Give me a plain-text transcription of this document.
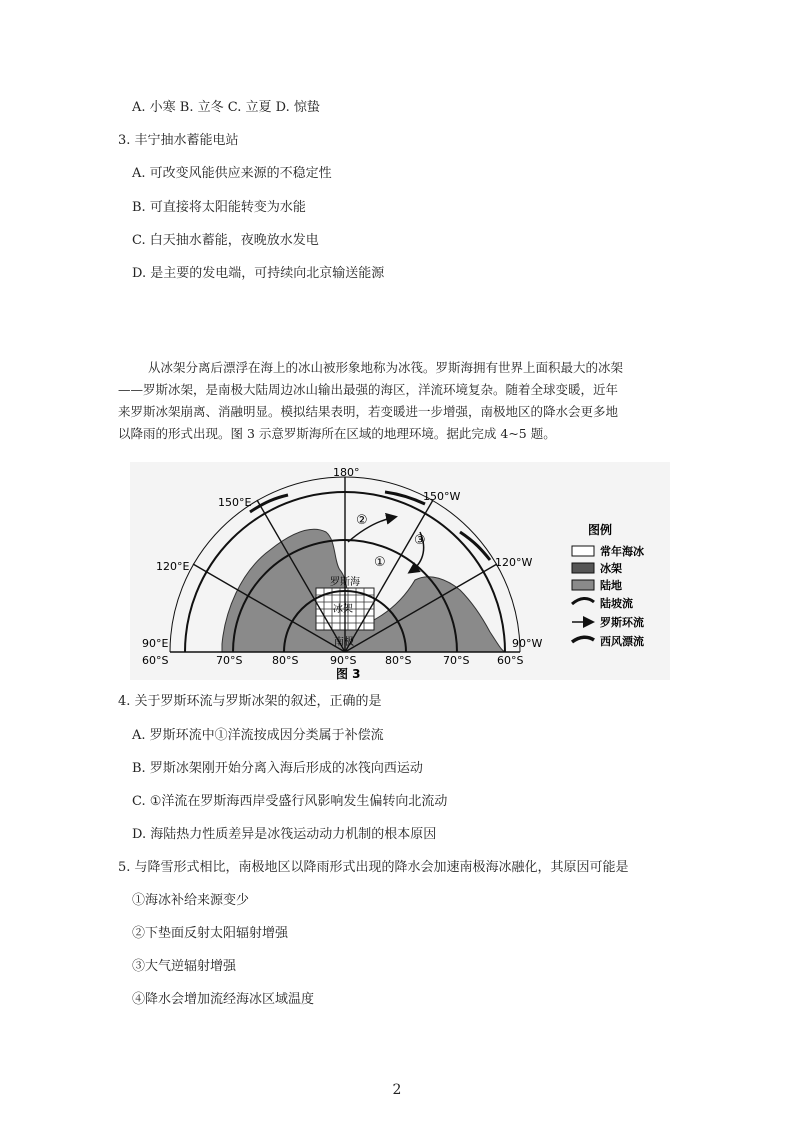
A. 小寒 B. 立冬 C. 立夏 D. 惊蛰
3. 丰宁抽水蓄能电站
A. 可改变风能供应来源的不稳定性
B. 可直接将太阳能转变为水能
C. 白天抽水蓄能，夜晚放水发电
D. 是主要的发电端，可持续向北京输送能源
从冰架分离后漂浮在海上的冰山被形象地称为冰筏。罗斯海拥有世界上面积最大的冰架
——罗斯冰架，是南极大陆周边冰山输出最强的海区，洋流环境复杂。随着全球变暖，近年
来罗斯冰架崩离、消融明显。模拟结果表明，若变暖进一步增强，南极地区的降水会更多地
以降雨的形式出现。图 3 示意罗斯海所在区域的地理环境。据此完成 4~5 题。
180°
150°E	150°W
120°E	120°W
90°E	90°W
60°S	70°S	80°S	90°S	80°S	70°S	60°S
罗斯海
冰架
南极
①
②
③
图例
常年海冰
冰架
陆地
陆坡流
罗斯环流
西风漂流
图 3
4. 关于罗斯环流与罗斯冰架的叙述，正确的是
A. 罗斯环流中①洋流按成因分类属于补偿流
B. 罗斯冰架刚开始分离入海后形成的冰筏向西运动
C. ①洋流在罗斯海西岸受盛行风影响发生偏转向北流动
D. 海陆热力性质差异是冰筏运动动力机制的根本原因
5. 与降雪形式相比，南极地区以降雨形式出现的降水会加速南极海冰融化，其原因可能是
①海冰补给来源变少
②下垫面反射太阳辐射增强
③大气逆辐射增强
④降水会增加流经海冰区域温度
2
